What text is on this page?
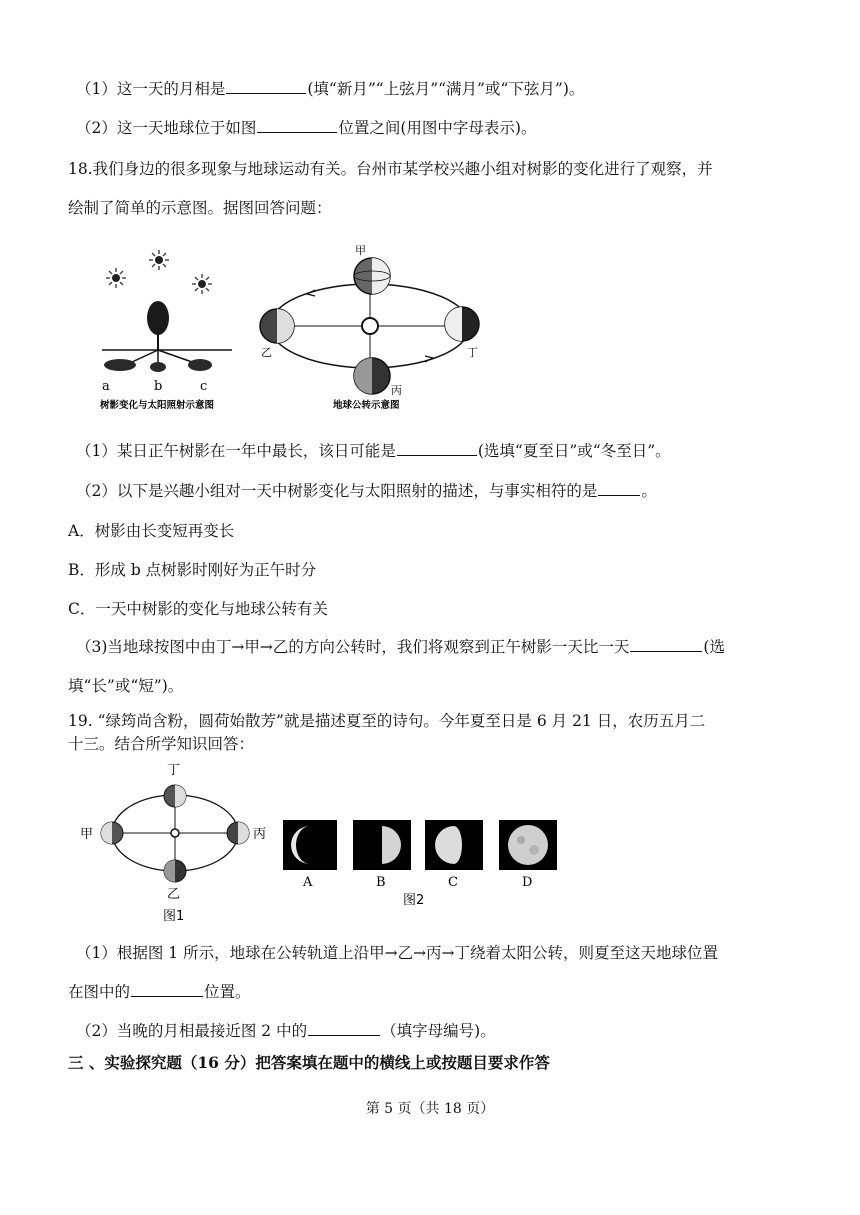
（1）这一天的月相是	(填“新月”“上弦月”“满月”或“下弦月”)。
（2）这一天地球位于如图	位置之间(用图中字母表示)。
18.我们身边的很多现象与地球运动有关。台州市某学校兴趣小组对树影的变化进行了观察，并
绘制了简单的示意图。据图回答问题：
a	b	c
树影变化与太阳照射示意图
甲
乙
丙
丁
地球公转示意图
（1）某日正午树影在一年中最长，该日可能是	(选填“夏至日”或“冬至日”。
（2）以下是兴趣小组对一天中树影变化与太阳照射的描述，与事实相符的是	。
A．树影由长变短再变长
B．形成 b 点树影时刚好为正午时分
C．一天中树影的变化与地球公转有关
（3)当地球按图中由丁→甲→乙的方向公转时，我们将观察到正午树影一天比一天	(选
填“长”或“短”)。
19. “绿筠尚含粉，圆荷始散芳”就是描述夏至的诗句。今年夏至日是 6 月 21 日，农历五月二
十三。结合所学知识回答：
丁
甲	丙
乙
图1
A	B	C	D
图2
（1）根据图 1 所示，地球在公转轨道上沿甲→乙→丙→丁绕着太阳公转，则夏至这天地球位置
在图中的	位置。
（2）当晚的月相最接近图 2 中的	（填字母编号)。
三 、实验探究题（16 分）把答案填在题中的横线上或按题目要求作答
第 5 页（共 18 页）
